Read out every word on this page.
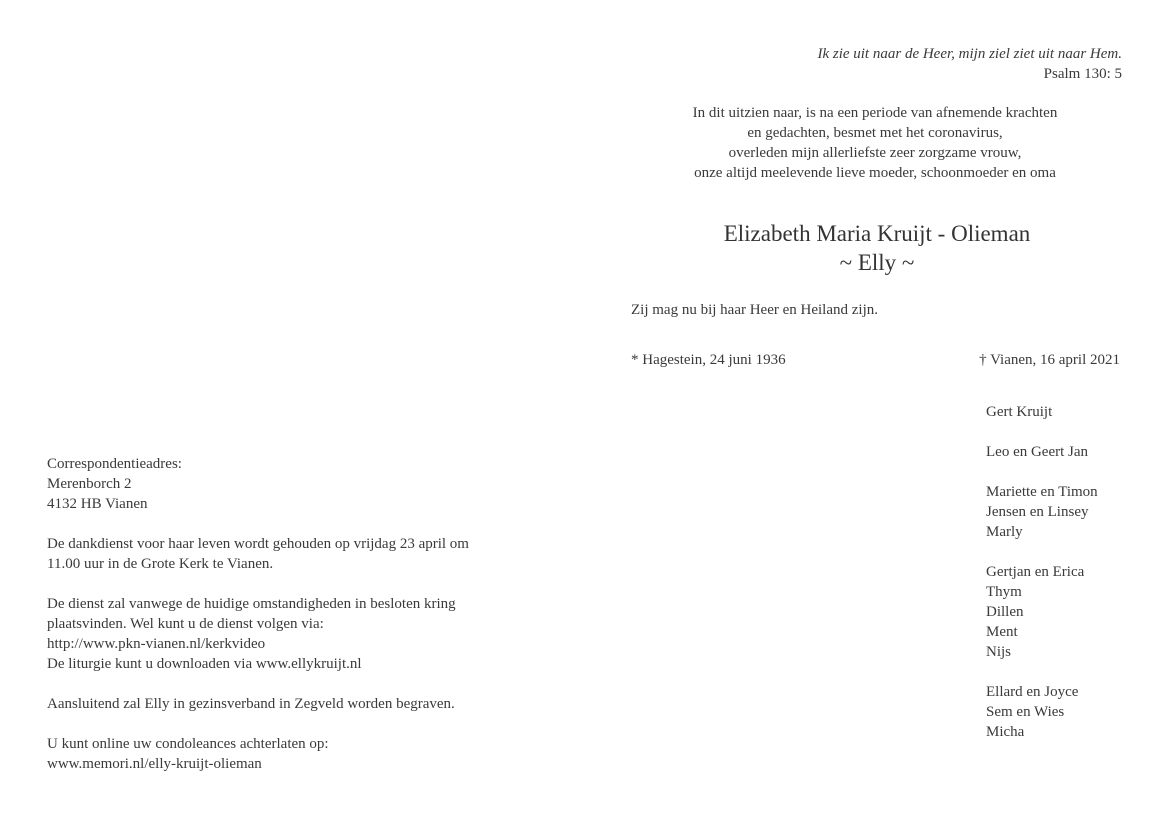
Ik zie uit naar de Heer, mijn ziel ziet uit naar Hem.
Psalm 130: 5
In dit uitzien naar, is na een periode van afnemende krachten
en gedachten, besmet met het coronavirus,
overleden mijn allerliefste zeer zorgzame vrouw,
onze altijd meelevende lieve moeder, schoonmoeder en oma
Elizabeth Maria Kruijt - Olieman
~ Elly ~
Zij mag nu bij haar Heer en Heiland zijn.
* Hagestein, 24 juni 1936	† Vianen, 16 april 2021
Gert Kruijt
Leo en Geert Jan
Mariette en Timon
Jensen en Linsey
Marly
Gertjan en Erica
Thym
Dillen
Ment
Nijs
Ellard en Joyce
Sem en Wies
Micha
Correspondentieadres:
Merenborch 2
4132 HB Vianen
De dankdienst voor haar leven wordt gehouden op vrijdag 23 april om
11.00 uur in de Grote Kerk te Vianen.
De dienst zal vanwege de huidige omstandigheden in besloten kring
plaatsvinden. Wel kunt u de dienst volgen via:
http://www.pkn-vianen.nl/kerkvideo
De liturgie kunt u downloaden via www.ellykruijt.nl
Aansluitend zal Elly in gezinsverband in Zegveld worden begraven.
U kunt online uw condoleances achterlaten op:
www.memori.nl/elly-kruijt-olieman
